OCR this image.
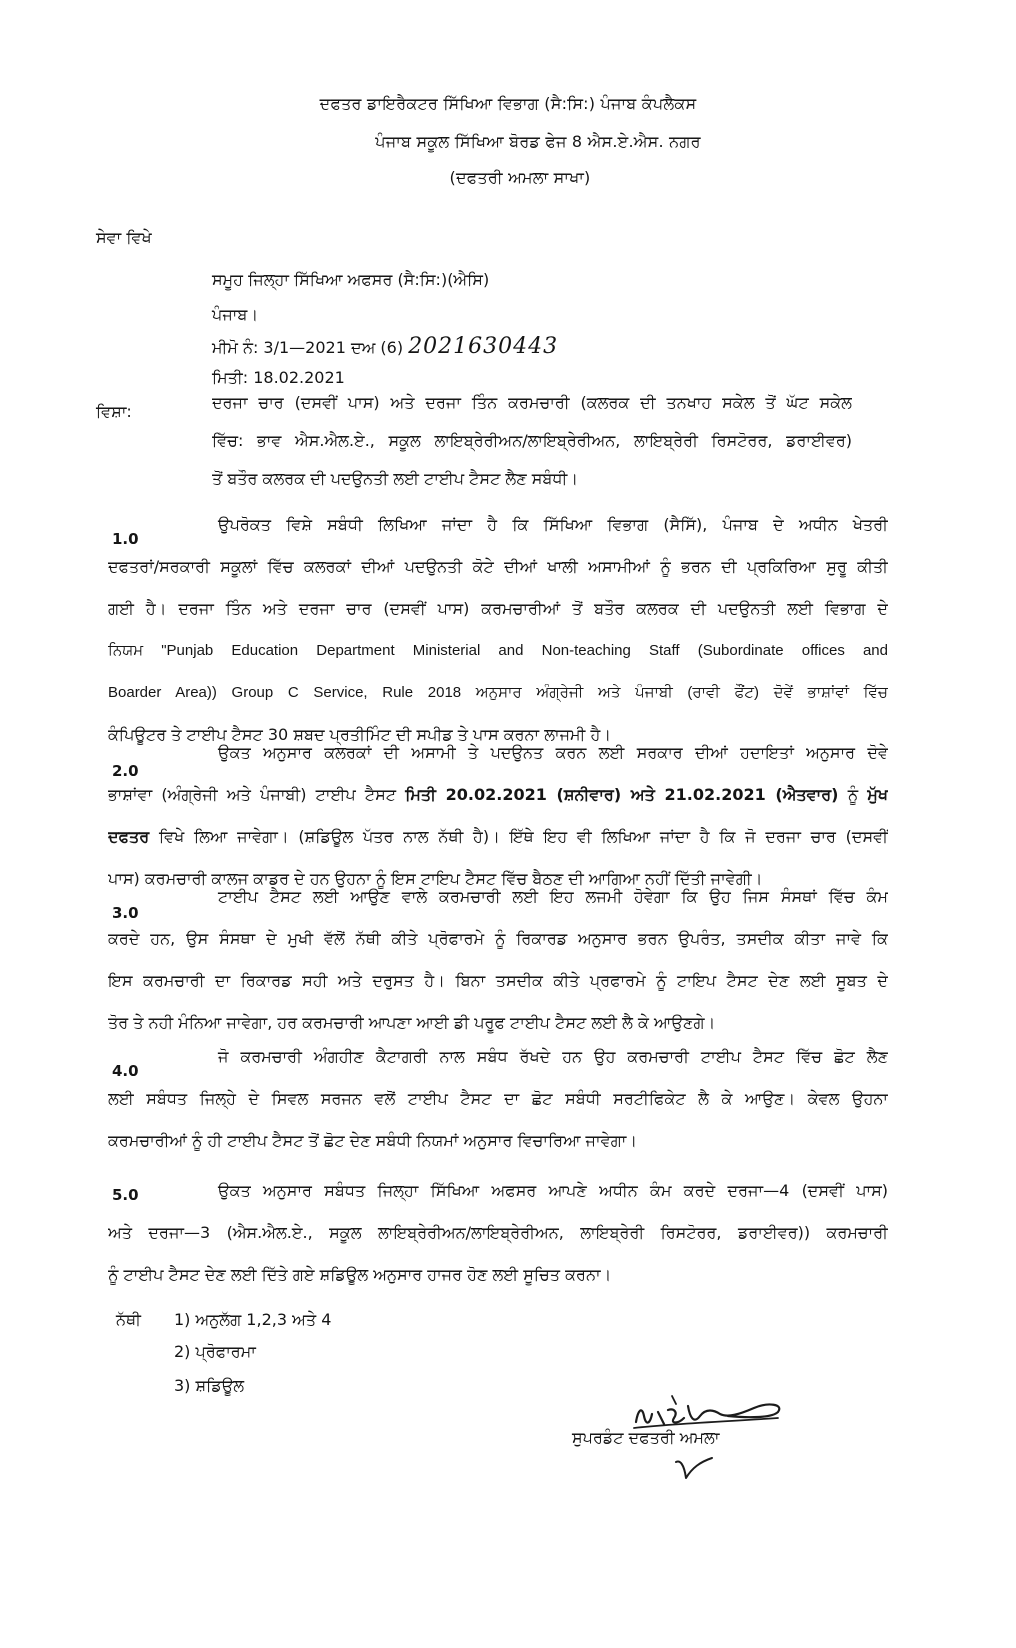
ਦਫਤਰ ਡਾਇਰੈਕਟਰ ਸਿੱਖਿਆ ਵਿਭਾਗ (ਸੈ:ਸਿ:) ਪੰਜਾਬ ਕੰਪਲੈਕਸ
ਪੰਜਾਬ ਸਕੂਲ ਸਿੱਖਿਆ ਬੋਰਡ ਫੇਜ 8 ਐਸ.ਏ.ਐਸ. ਨਗਰ
(ਦਫਤਰੀ ਅਮਲਾ ਸਾਖਾ)
ਸੇਵਾ ਵਿਖੇ
ਸਮੂਹ ਜਿਲ੍ਹਾ ਸਿੱਖਿਆ ਅਫਸਰ (ਸੈ:ਸਿ:)(ਐਸਿ)
ਪੰਜਾਬ।
ਮੀਮੋ ਨੰ: 3/1—2021 ਦਅ (6) 2021630443
ਮਿਤੀ: 18.02.2021
ਵਿਸ਼ਾ:	ਦਰਜਾ ਚਾਰ (ਦਸਵੀਂ ਪਾਸ) ਅਤੇ ਦਰਜਾ ਤਿੰਨ ਕਰਮਚਾਰੀ (ਕਲਰਕ ਦੀ ਤਨਖਾਹ ਸਕੇਲ ਤੋਂ ਘੱਟ ਸਕੇਲ
ਵਿੱਚ: ਭਾਵ ਐਸ.ਐਲ.ਏ., ਸਕੂਲ ਲਾਇਬ੍ਰੇਰੀਅਨ/ਲਾਇਬ੍ਰੇਰੀਅਨ, ਲਾਇਬ੍ਰੇਰੀ ਰਿਸਟੋਰਰ, ਡਰਾਈਵਰ)
ਤੋਂ ਬਤੌਰ ਕਲਰਕ ਦੀ ਪਦਉਨਤੀ ਲਈ ਟਾਈਪ ਟੈਸਟ ਲੈਣ ਸਬੰਧੀ।
1.0
ਉਪਰੋਕਤ ਵਿਸ਼ੇ ਸਬੰਧੀ ਲਿਖਿਆ ਜਾਂਦਾ ਹੈ ਕਿ ਸਿੱਖਿਆ ਵਿਭਾਗ (ਸੈਸਿੱ), ਪੰਜਾਬ ਦੇ ਅਧੀਨ ਖੇਤਰੀ
ਦਫਤਰਾਂ/ਸਰਕਾਰੀ ਸਕੂਲਾਂ ਵਿੱਚ ਕਲਰਕਾਂ ਦੀਆਂ ਪਦਉਨਤੀ ਕੋਟੇ ਦੀਆਂ ਖਾਲੀ ਅਸਾਮੀਆਂ ਨੂੰ ਭਰਨ ਦੀ ਪ੍ਰਕਿਰਿਆ ਸੁਰੂ ਕੀਤੀ
ਗਈ ਹੈ। ਦਰਜਾ ਤਿੰਨ ਅਤੇ ਦਰਜਾ ਚਾਰ (ਦਸਵੀਂ ਪਾਸ) ਕਰਮਚਾਰੀਆਂ ਤੋਂ ਬਤੌਰ ਕਲਰਕ ਦੀ ਪਦਉਨਤੀ ਲਈ ਵਿਭਾਗ ਦੇ
ਨਿਯਮ "Punjab Education Department Ministerial and Non-teaching Staff (Subordinate offices and
Boarder Area)) Group C Service, Rule 2018 ਅਨੁਸਾਰ ਅੰਗ੍ਰੇਜੀ ਅਤੇ ਪੰਜਾਬੀ (ਰਾਵੀ ਫੌਂਟ) ਦੋਵੇਂ ਭਾਸ਼ਾਂਵਾਂ ਵਿੱਚ
ਕੰਪਿਊਟਰ ਤੇ ਟਾਈਪ ਟੈਸਟ 30 ਸ਼ਬਦ ਪ੍ਰਤੀਮਿੰਟ ਦੀ ਸਪੀਡ ਤੇ ਪਾਸ ਕਰਨਾ ਲਾਜਮੀ ਹੈ।
2.0
ਉਕਤ ਅਨੁਸਾਰ ਕਲਰਕਾਂ ਦੀ ਅਸਾਮੀ ਤੇ ਪਦਉਨਤ ਕਰਨ ਲਈ ਸਰਕਾਰ ਦੀਆਂ ਹਦਾਇਤਾਂ ਅਨੁਸਾਰ ਦੋਵੇ
ਭਾਸ਼ਾਂਵਾ (ਅੰਗ੍ਰੇਜੀ ਅਤੇ ਪੰਜਾਬੀ) ਟਾਈਪ ਟੈਸਟ ਮਿਤੀ 20.02.2021 (ਸ਼ਨੀਵਾਰ) ਅਤੇ 21.02.2021 (ਐਤਵਾਰ) ਨੂੰ ਮੁੱਖ
ਦਫਤਰ ਵਿਖੇ ਲਿਆ ਜਾਵੇਗਾ। (ਸ਼ਡਿਊਲ ਪੱਤਰ ਨਾਲ ਨੱਥੀ ਹੈ)। ਇੱਥੇ ਇਹ ਵੀ ਲਿਖਿਆ ਜਾਂਦਾ ਹੈ ਕਿ ਜੋ ਦਰਜਾ ਚਾਰ (ਦਸਵੀਂ
ਪਾਸ) ਕਰਮਚਾਰੀ ਕਾਲਜ ਕਾਡਰ ਦੇ ਹਨ ਉਹਨਾ ਨੂੰ ਇਸ ਟਾਇਪ ਟੈਸਟ ਵਿੱਚ ਬੈਠਣ ਦੀ ਆਗਿਆ ਨਹੀਂ ਦਿੱਤੀ ਜਾਵੇਗੀ।
3.0
ਟਾਈਪ ਟੈਸਟ ਲਈ ਆਉਣ ਵਾਲੇ ਕਰਮਚਾਰੀ ਲਈ ਇਹ ਲਜਮੀ ਹੋਵੇਗਾ ਕਿ ਉਹ ਜਿਸ ਸੰਸਥਾਂ ਵਿੱਚ ਕੰਮ
ਕਰਦੇ ਹਨ, ਉਸ ਸੰਸਥਾ ਦੇ ਮੁਖੀ ਵੱਲੋਂ ਨੱਥੀ ਕੀਤੇ ਪ੍ਰੋਫਾਰਮੇ ਨੂੰ ਰਿਕਾਰਡ ਅਨੁਸਾਰ ਭਰਨ ਉਪਰੰਤ, ਤਸਦੀਕ ਕੀਤਾ ਜਾਵੇ ਕਿ
ਇਸ ਕਰਮਚਾਰੀ ਦਾ ਰਿਕਾਰਡ ਸਹੀ ਅਤੇ ਦਰੁਸਤ ਹੈ। ਬਿਨਾ ਤਸਦੀਕ ਕੀਤੇ ਪ੍ਰਫਾਰਮੇ ਨੂੰ ਟਾਇਪ ਟੈਸਟ ਦੇਣ ਲਈ ਸੂਬਤ ਦੇ
ਤੋਰ ਤੇ ਨਹੀ ਮੰਨਿਆ ਜਾਵੇਗਾ, ਹਰ ਕਰਮਚਾਰੀ ਆਪਣਾ ਆਈ ਡੀ ਪਰੂਫ ਟਾਈਪ ਟੈਸਟ ਲਈ ਲੈ ਕੇ ਆਉਣਗੇ।
4.0
ਜੋ ਕਰਮਚਾਰੀ ਅੰਗਹੀਣ ਕੈਟਾਗਰੀ ਨਾਲ ਸਬੰਧ ਰੱਖਦੇ ਹਨ ਉਹ ਕਰਮਚਾਰੀ ਟਾਈਪ ਟੈਸਟ ਵਿੱਚ ਛੋਟ ਲੈਣ
ਲਈ ਸਬੰਧਤ ਜਿਲ੍ਹੇ ਦੇ ਸਿਵਲ ਸਰਜਨ ਵਲੋਂ ਟਾਈਪ ਟੈਸਟ ਦਾ ਛੋਟ ਸਬੰਧੀ ਸਰਟੀਫਿਕੇਟ ਲੈ ਕੇ ਆਉਣ। ਕੇਵਲ ਉਹਨਾ
ਕਰਮਚਾਰੀਆਂ ਨੂੰ ਹੀ ਟਾਈਪ ਟੈਸਟ ਤੋਂ ਛੋਟ ਦੇਣ ਸਬੰਧੀ ਨਿਯਮਾਂ ਅਨੁਸਾਰ ਵਿਚਾਰਿਆ ਜਾਵੇਗਾ।
5.0	ਉਕਤ ਅਨੁਸਾਰ ਸਬੰਧਤ ਜਿਲ੍ਹਾ ਸਿੱਖਿਆ ਅਫਸਰ ਆਪਣੇ ਅਧੀਨ ਕੰਮ ਕਰਦੇ ਦਰਜਾ—4 (ਦਸਵੀਂ ਪਾਸ)
ਅਤੇ ਦਰਜਾ—3 (ਐਸ.ਐਲ.ਏ., ਸਕੂਲ ਲਾਇਬ੍ਰੇਰੀਅਨ/ਲਾਇਬ੍ਰੇਰੀਅਨ, ਲਾਇਬ੍ਰੇਰੀ ਰਿਸਟੋਰਰ, ਡਰਾਈਵਰ)) ਕਰਮਚਾਰੀ
ਨੂੰ ਟਾਈਪ ਟੈਸਟ ਦੇਣ ਲਈ ਦਿੱਤੇ ਗਏ ਸ਼ਡਿਊਲ ਅਨੁਸਾਰ ਹਾਜਰ ਹੋਣ ਲਈ ਸੂਚਿਤ ਕਰਨਾ।
ਨੱਥੀ 1) ਅਨੁਲੱਗ 1,2,3 ਅਤੇ 4
2) ਪ੍ਰੋਫਾਰਮਾ
3) ਸ਼ਡਿਊਲ
ਸੁਪਰਡੰਟ ਦਫਤਰੀ ਅਮਲਾ
